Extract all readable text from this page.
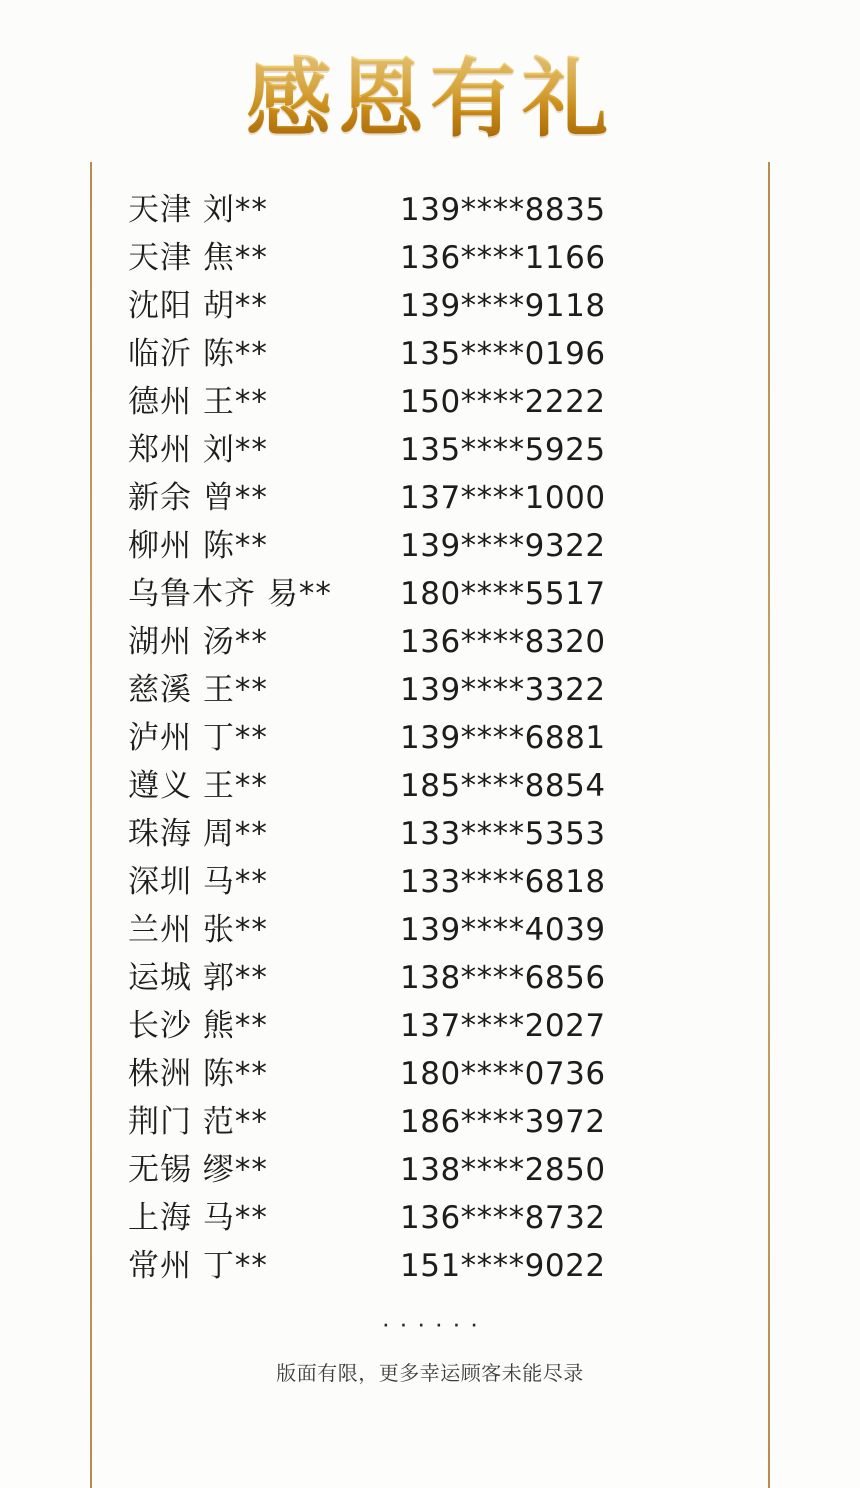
感恩有礼
天津 刘**	139****8835
天津 焦**	136****1166
沈阳 胡**	139****9118
临沂 陈**	135****0196
德州 王**	150****2222
郑州 刘**	135****5925
新余 曾**	137****1000
柳州 陈**	139****9322
乌鲁木齐 易**	180****5517
湖州 汤**	136****8320
慈溪 王**	139****3322
泸州 丁**	139****6881
遵义 王**	185****8854
珠海 周**	133****5353
深圳 马**	133****6818
兰州 张**	139****4039
运城 郭**	138****6856
长沙 熊**	137****2027
株洲 陈**	180****0736
荆门 范**	186****3972
无锡 缪**	138****2850
上海 马**	136****8732
常州 丁**	151****9022
······
版面有限，更多幸运顾客未能尽录
